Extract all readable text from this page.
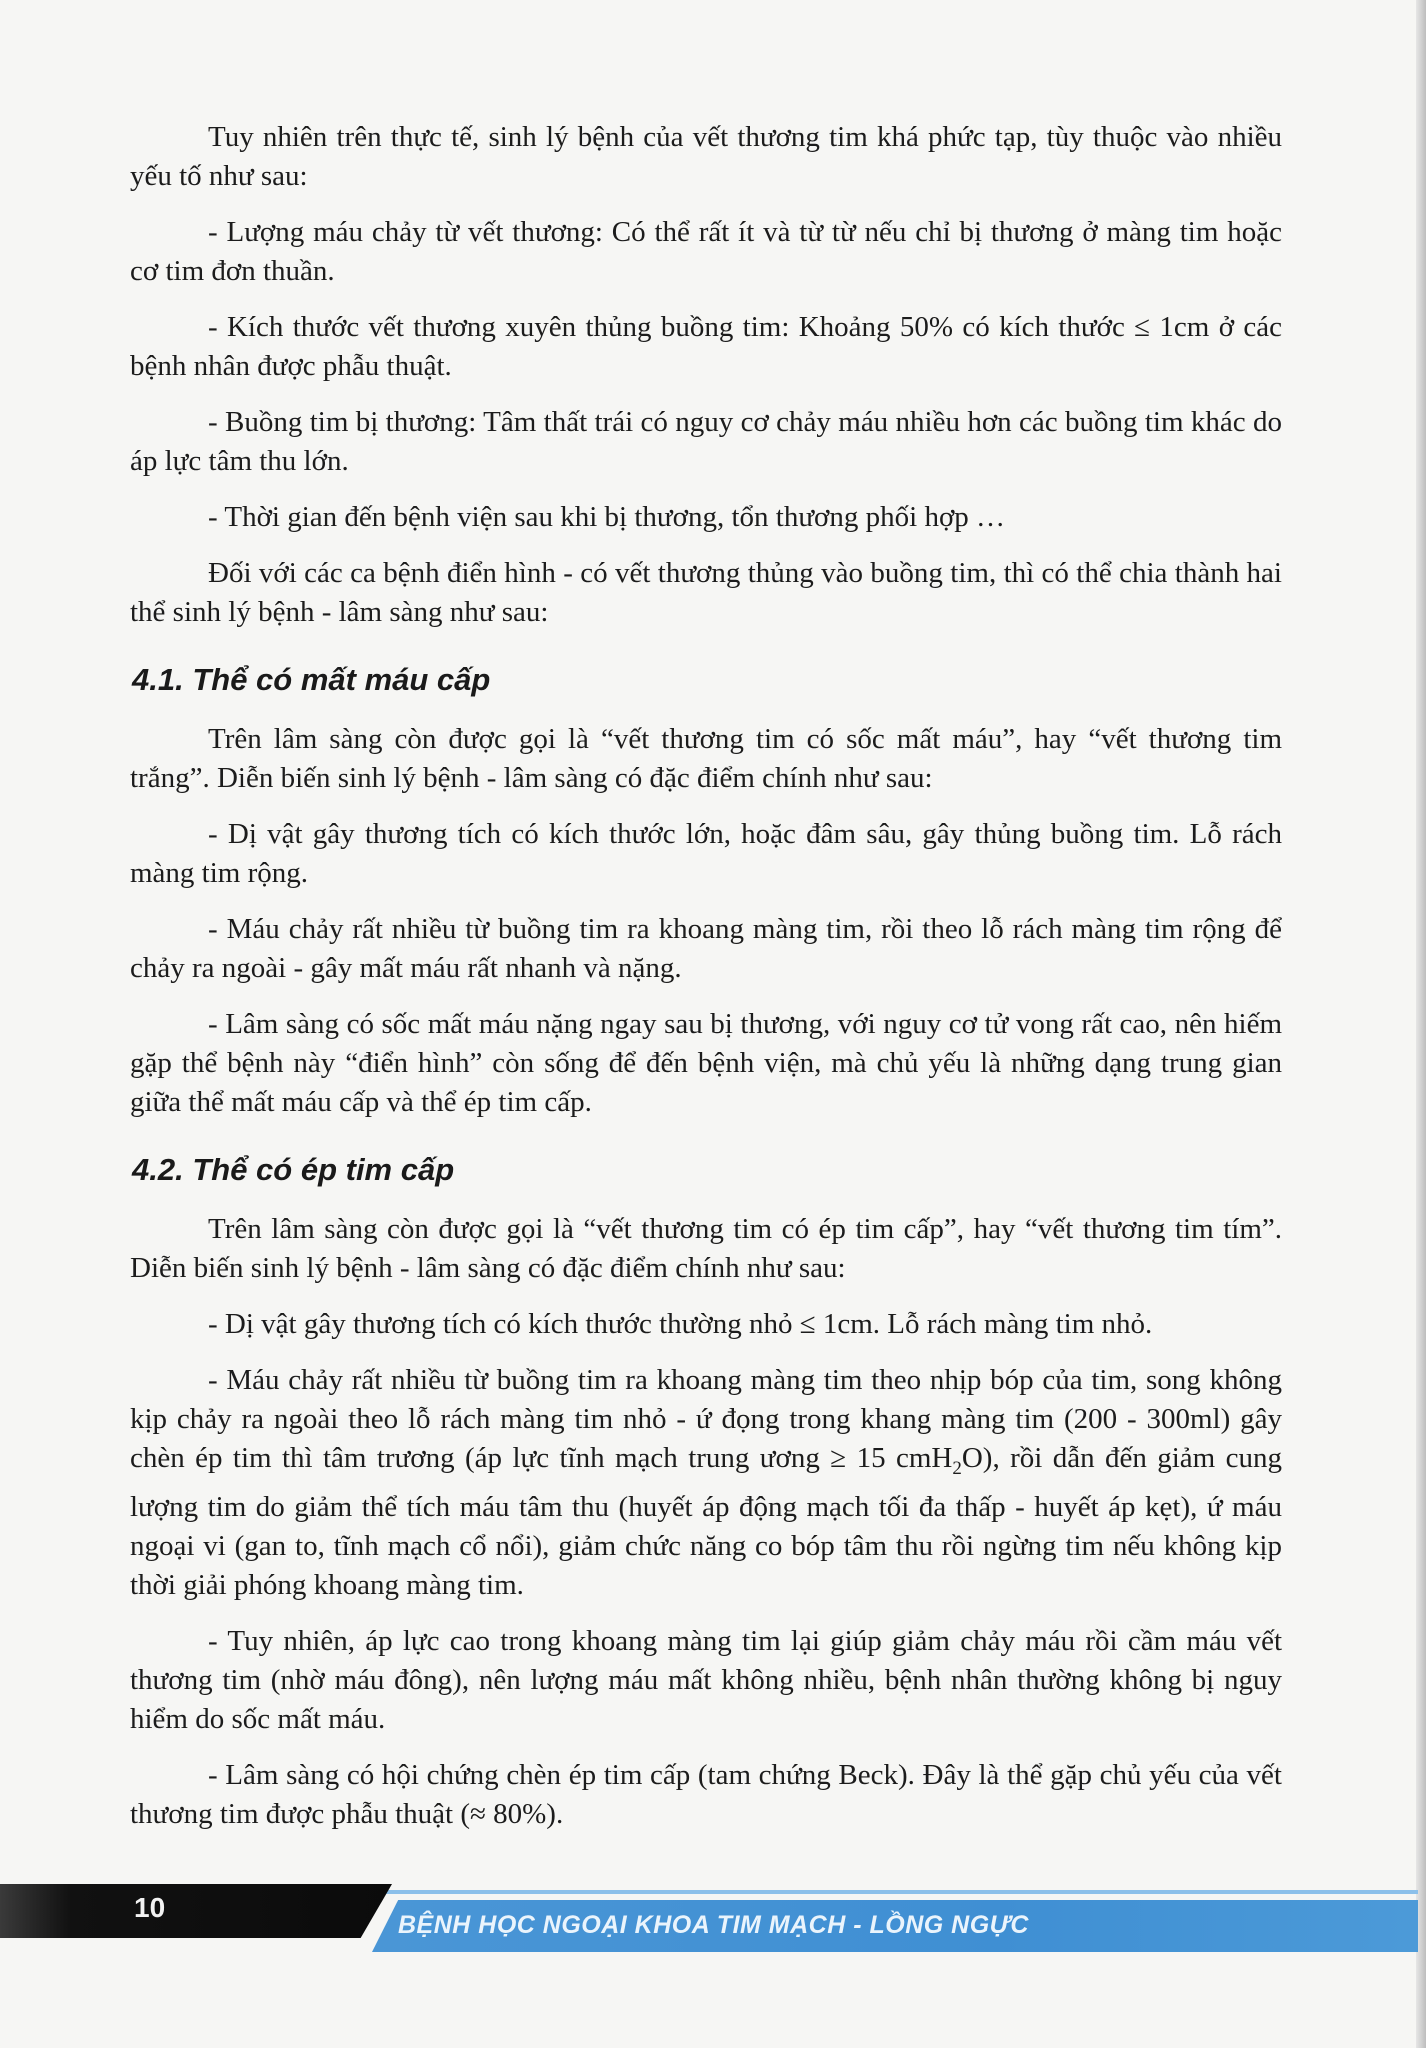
Tuy nhiên trên thực tế, sinh lý bệnh của vết thương tim khá phức tạp, tùy thuộc vào nhiều yếu tố như sau:

- Lượng máu chảy từ vết thương: Có thể rất ít và từ từ nếu chỉ bị thương ở màng tim hoặc cơ tim đơn thuần.

- Kích thước vết thương xuyên thủng buồng tim: Khoảng 50% có kích thước ≤ 1cm ở các bệnh nhân được phẫu thuật.

- Buồng tim bị thương: Tâm thất trái có nguy cơ chảy máu nhiều hơn các buồng tim khác do áp lực tâm thu lớn.

- Thời gian đến bệnh viện sau khi bị thương, tổn thương phối hợp …

Đối với các ca bệnh điển hình - có vết thương thủng vào buồng tim, thì có thể chia thành hai thể sinh lý bệnh - lâm sàng như sau:

4.1. Thể có mất máu cấp

Trên lâm sàng còn được gọi là “vết thương tim có sốc mất máu”, hay “vết thương tim trắng”. Diễn biến sinh lý bệnh - lâm sàng có đặc điểm chính như sau:

- Dị vật gây thương tích có kích thước lớn, hoặc đâm sâu, gây thủng buồng tim. Lỗ rách màng tim rộng.

- Máu chảy rất nhiều từ buồng tim ra khoang màng tim, rồi theo lỗ rách màng tim rộng để chảy ra ngoài - gây mất máu rất nhanh và nặng.

- Lâm sàng có sốc mất máu nặng ngay sau bị thương, với nguy cơ tử vong rất cao, nên hiếm gặp thể bệnh này “điển hình” còn sống để đến bệnh viện, mà chủ yếu là những dạng trung gian giữa thể mất máu cấp và thể ép tim cấp.

4.2. Thể có ép tim cấp

Trên lâm sàng còn được gọi là “vết thương tim có ép tim cấp”, hay “vết thương tim tím”. Diễn biến sinh lý bệnh - lâm sàng có đặc điểm chính như sau:

- Dị vật gây thương tích có kích thước thường nhỏ ≤ 1cm. Lỗ rách màng tim nhỏ.

- Máu chảy rất nhiều từ buồng tim ra khoang màng tim theo nhịp bóp của tim, song không kịp chảy ra ngoài theo lỗ rách màng tim nhỏ - ứ đọng trong khang màng tim (200 - 300ml) gây chèn ép tim thì tâm trương (áp lực tĩnh mạch trung ương ≥ 15 cmH$_2$O), rồi dẫn đến giảm cung lượng tim do giảm thể tích máu tâm thu (huyết áp động mạch tối đa thấp - huyết áp kẹt), ứ máu ngoại vi (gan to, tĩnh mạch cổ nổi), giảm chức năng co bóp tâm thu rồi ngừng tim nếu không kịp thời giải phóng khoang màng tim.

- Tuy nhiên, áp lực cao trong khoang màng tim lại giúp giảm chảy máu rồi cầm máu vết thương tim (nhờ máu đông), nên lượng máu mất không nhiều, bệnh nhân thường không bị nguy hiểm do sốc mất máu.

- Lâm sàng có hội chứng chèn ép tim cấp (tam chứng Beck). Đây là thể gặp chủ yếu của vết thương tim được phẫu thuật (≈ 80%).

10
BỆNH HỌC NGOẠI KHOA TIM MẠCH - LỒNG NGỰC
